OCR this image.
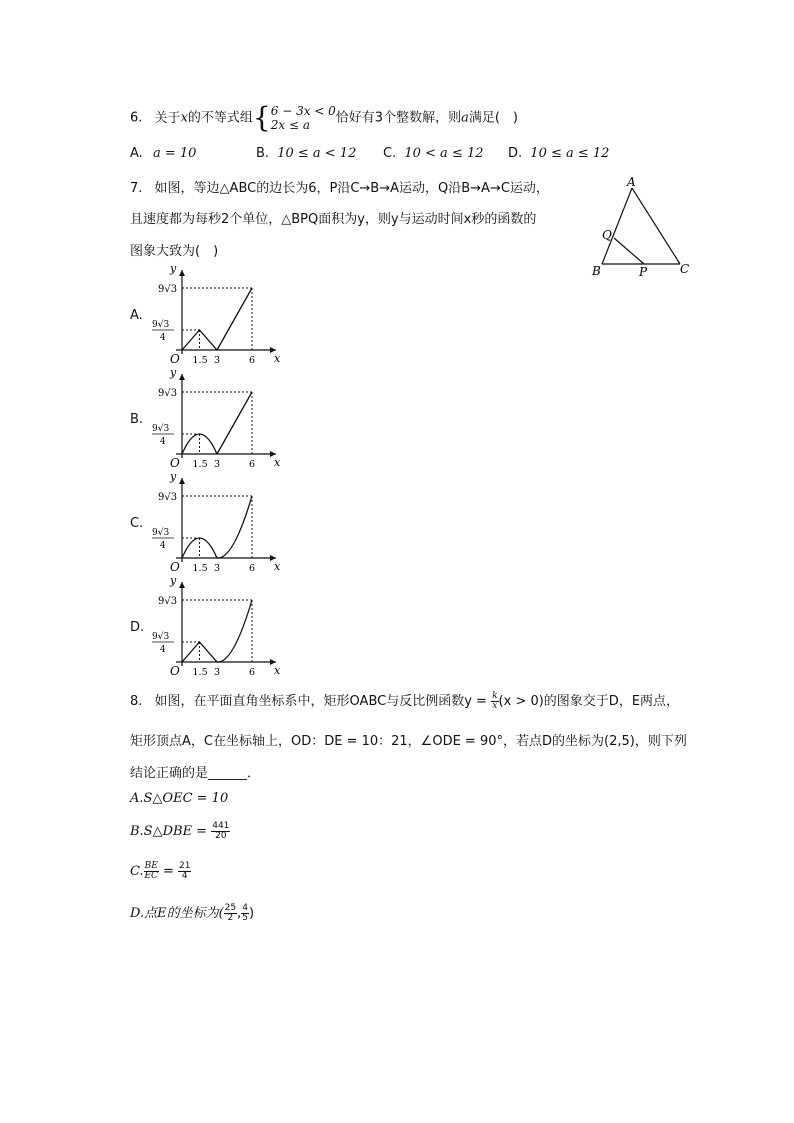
6. 关于x的不等式组{ 6 − 3x < 0
2x ≤ a	恰好有3个整数解，则a满足(　)
A. a = 10	B. 10 ≤ a < 12 C. 10 < a ≤ 12 D. 10 ≤ a ≤ 12
7. 如图，等边△ABC的边长为6，P沿C→B→A运动，Q沿B→A→C运动，
且速度都为每秒2个单位，△BPQ面积为y，则y与运动时间x秒的函数的
图象大致为(　)
A
B	C
P
Q
A.
y
x
O
9√3
9√3
4
1.5 3	6
B.
y
x
O
9√3
9√3
4
1.5 3	6
C.
y
x
O
9√3
9√3
4
1.5 3	6
D.
y
x
O
9√3
9√3
4
1.5 3	6
8. 如图，在平面直角坐标系中，矩形OABC与反比例函数$y = \frac{k}{x} (x > 0)$的图象交于D，E两点，
矩形顶点A，C在坐标轴上，OD：DE = 10：21，∠ODE = 90°，若点D的坐标为(2,5)，则下列
结论正确的是______．
A.S△OEC = 10
B.S△DBE = $\frac{441}{20}$
C. $\frac{BE}{EC} = \frac{21}{4}$
D.点E的坐标为( $\frac{25}{2}$ , $\frac{4}{5}$ )
